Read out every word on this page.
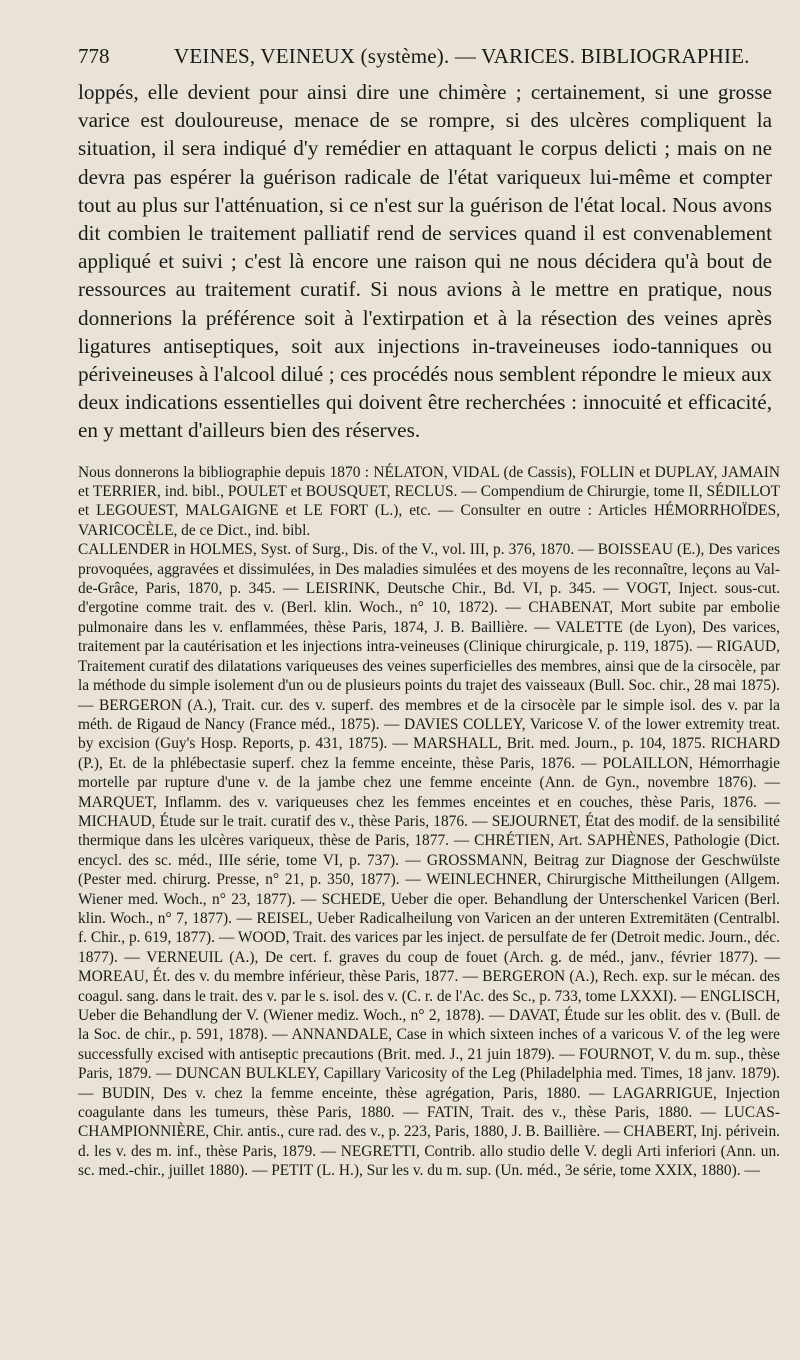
778	VEINES, VEINEUX (système). — VARICES. BIBLIOGRAPHIE.

loppés, elle devient pour ainsi dire une chimère ; certainement, si une grosse varice est douloureuse, menace de se rompre, si des ulcères compliquent la situation, il sera indiqué d'y remédier en attaquant le corpus delicti ; mais on ne devra pas espérer la guérison radicale de l'état variqueux lui-même et compter tout au plus sur l'atténuation, si ce n'est sur la guérison de l'état local. Nous avons dit combien le traitement palliatif rend de services quand il est convenablement appliqué et suivi ; c'est là encore une raison qui ne nous décidera qu'à bout de ressources au traitement curatif. Si nous avions à le mettre en pratique, nous donnerions la préférence soit à l'extirpation et à la résection des veines après ligatures antiseptiques, soit aux injections in-traveineuses iodo-tanniques ou périveineuses à l'alcool dilué ; ces procédés nous semblent répondre le mieux aux deux indications essentielles qui doivent être recherchées : innocuité et efficacité, en y mettant d'ailleurs bien des réserves.

Nous donnerons la bibliographie depuis 1870 : NÉLATON, VIDAL (de Cassis), FOLLIN et DUPLAY, JAMAIN et TERRIER, ind. bibl., POULET et BOUSQUET, RECLUS. — Compendium de Chirurgie, tome II, SÉDILLOT et LEGOUEST, MALGAIGNE et LE FORT (L.), etc. — Consulter en outre : Articles HÉMORRHOÏDES, VARICOCÈLE, de ce Dict., ind. bibl.

CALLENDER in HOLMES, Syst. of Surg., Dis. of the V., vol. III, p. 376, 1870. — BOISSEAU (E.), Des varices provoquées, aggravées et dissimulées, in Des maladies simulées et des moyens de les reconnaître, leçons au Val-de-Grâce, Paris, 1870, p. 345. — LEISRINK, Deutsche Chir., Bd. VI, p. 345. — VOGT, Inject. sous-cut. d'ergotine comme trait. des v. (Berl. klin. Woch., n° 10, 1872). — CHABENAT, Mort subite par embolie pulmonaire dans les v. enflammées, thèse Paris, 1874, J. B. Baillière. — VALETTE (de Lyon), Des varices, traitement par la cautérisation et les injections intra-veineuses (Clinique chirurgicale, p. 119, 1875). — RIGAUD, Traitement curatif des dilatations variqueuses des veines superficielles des membres, ainsi que de la cirsocèle, par la méthode du simple isolement d'un ou de plusieurs points du trajet des vaisseaux (Bull. Soc. chir., 28 mai 1875). — BERGERON (A.), Trait. cur. des v. superf. des membres et de la cirsocèle par le simple isol. des v. par la méth. de Rigaud de Nancy (France méd., 1875). — DAVIES COLLEY, Varicose V. of the lower extremity treat. by excision (Guy's Hosp. Reports, p. 431, 1875). — MARSHALL, Brit. med. Journ., p. 104, 1875. RICHARD (P.), Et. de la phlébectasie superf. chez la femme enceinte, thèse Paris, 1876. — POLAILLON, Hémorrhagie mortelle par rupture d'une v. de la jambe chez une femme enceinte (Ann. de Gyn., novembre 1876). — MARQUET, Inflamm. des v. variqueuses chez les femmes enceintes et en couches, thèse Paris, 1876. — MICHAUD, Étude sur le trait. curatif des v., thèse Paris, 1876. — SEJOURNET, État des modif. de la sensibilité thermique dans les ulcères variqueux, thèse de Paris, 1877. — CHRÉTIEN, Art. SAPHÈNES, Pathologie (Dict. encycl. des sc. méd., IIIe série, tome VI, p. 737). — GROSSMANN, Beitrag zur Diagnose der Geschwülste (Pester med. chirurg. Presse, n° 21, p. 350, 1877). — WEINLECHNER, Chirurgische Mittheilungen (Allgem. Wiener med. Woch., n° 23, 1877). — SCHEDE, Ueber die oper. Behandlung der Unterschenkel Varicen (Berl. klin. Woch., n° 7, 1877). — REISEL, Ueber Radicalheilung von Varicen an der unteren Extremitäten (Centralbl. f. Chir., p. 619, 1877). — WOOD, Trait. des varices par les inject. de persulfate de fer (Detroit medic. Journ., déc. 1877). — VERNEUIL (A.), De cert. f. graves du coup de fouet (Arch. g. de méd., janv., février 1877). — MOREAU, Ét. des v. du membre inférieur, thèse Paris, 1877. — BERGERON (A.), Rech. exp. sur le mécan. des coagul. sang. dans le trait. des v. par le s. isol. des v. (C. r. de l'Ac. des Sc., p. 733, tome LXXXI). — ENGLISCH, Ueber die Behandlung der V. (Wiener mediz. Woch., n° 2, 1878). — DAVAT, Étude sur les oblit. des v. (Bull. de la Soc. de chir., p. 591, 1878). — ANNANDALE, Case in which sixteen inches of a varicous V. of the leg were successfully excised with antiseptic precautions (Brit. med. J., 21 juin 1879). — FOURNOT, V. du m. sup., thèse Paris, 1879. — DUNCAN BULKLEY, Capillary Varicosity of the Leg (Philadelphia med. Times, 18 janv. 1879). — BUDIN, Des v. chez la femme enceinte, thèse agrégation, Paris, 1880. — LAGARRIGUE, Injection coagulante dans les tumeurs, thèse Paris, 1880. — FATIN, Trait. des v., thèse Paris, 1880. — LUCAS-CHAMPIONNIÈRE, Chir. antis., cure rad. des v., p. 223, Paris, 1880, J. B. Baillière. — CHABERT, Inj. périvein. d. les v. des m. inf., thèse Paris, 1879. — NEGRETTI, Contrib. allo studio delle V. degli Arti inferiori (Ann. un. sc. med.-chir., juillet 1880). — PETIT (L. H.), Sur les v. du m. sup. (Un. méd., 3e série, tome XXIX, 1880). —
